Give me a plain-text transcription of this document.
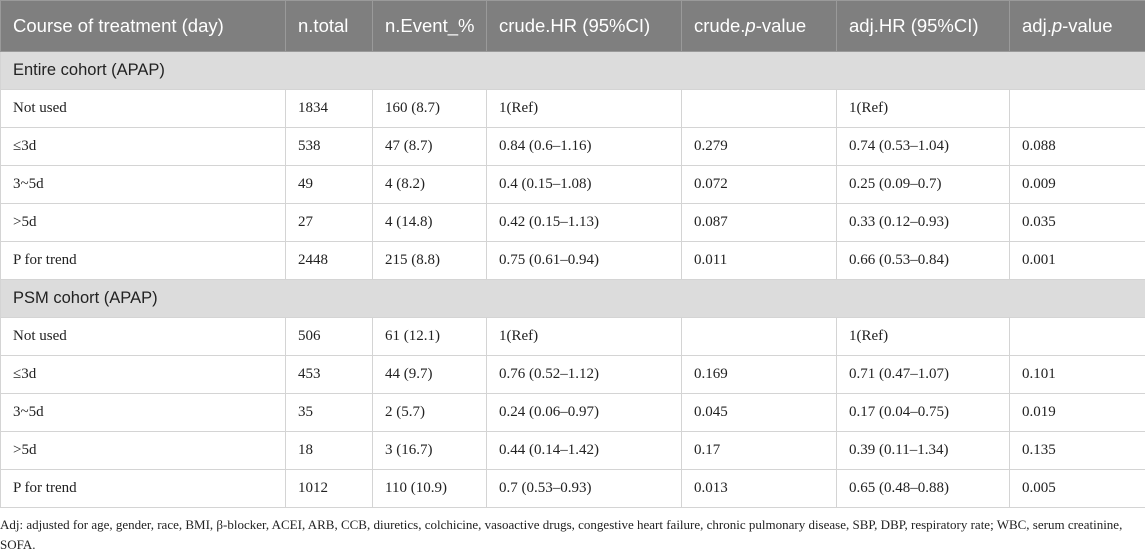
Course of treatment (day)	n.total	n.Event_%	crude.HR (95%CI)	crude.p-value	adj.HR (95%CI)	adj.p-value
Entire cohort (APAP)						
Not used	1834	160 (8.7)	1(Ref)		1(Ref)	
≤3d	538	47 (8.7)	0.84 (0.6–1.16)	0.279	0.74 (0.53–1.04)	0.088
3~5d	49	4 (8.2)	0.4 (0.15–1.08)	0.072	0.25 (0.09–0.7)	0.009
>5d	27	4 (14.8)	0.42 (0.15–1.13)	0.087	0.33 (0.12–0.93)	0.035
P for trend	2448	215 (8.8)	0.75 (0.61–0.94)	0.011	0.66 (0.53–0.84)	0.001
PSM cohort (APAP)						
Not used	506	61 (12.1)	1(Ref)		1(Ref)	
≤3d	453	44 (9.7)	0.76 (0.52–1.12)	0.169	0.71 (0.47–1.07)	0.101
3~5d	35	2 (5.7)	0.24 (0.06–0.97)	0.045	0.17 (0.04–0.75)	0.019
>5d	18	3 (16.7)	0.44 (0.14–1.42)	0.17	0.39 (0.11–1.34)	0.135
P for trend	1012	110 (10.9)	0.7 (0.53–0.93)	0.013	0.65 (0.48–0.88)	0.005
Adj: adjusted for age, gender, race, BMI, β-blocker, ACEI, ARB, CCB, diuretics, colchicine, vasoactive drugs, congestive heart failure, chronic pulmonary disease, SBP, DBP, respiratory rate; WBC, serum creatinine, SOFA.
